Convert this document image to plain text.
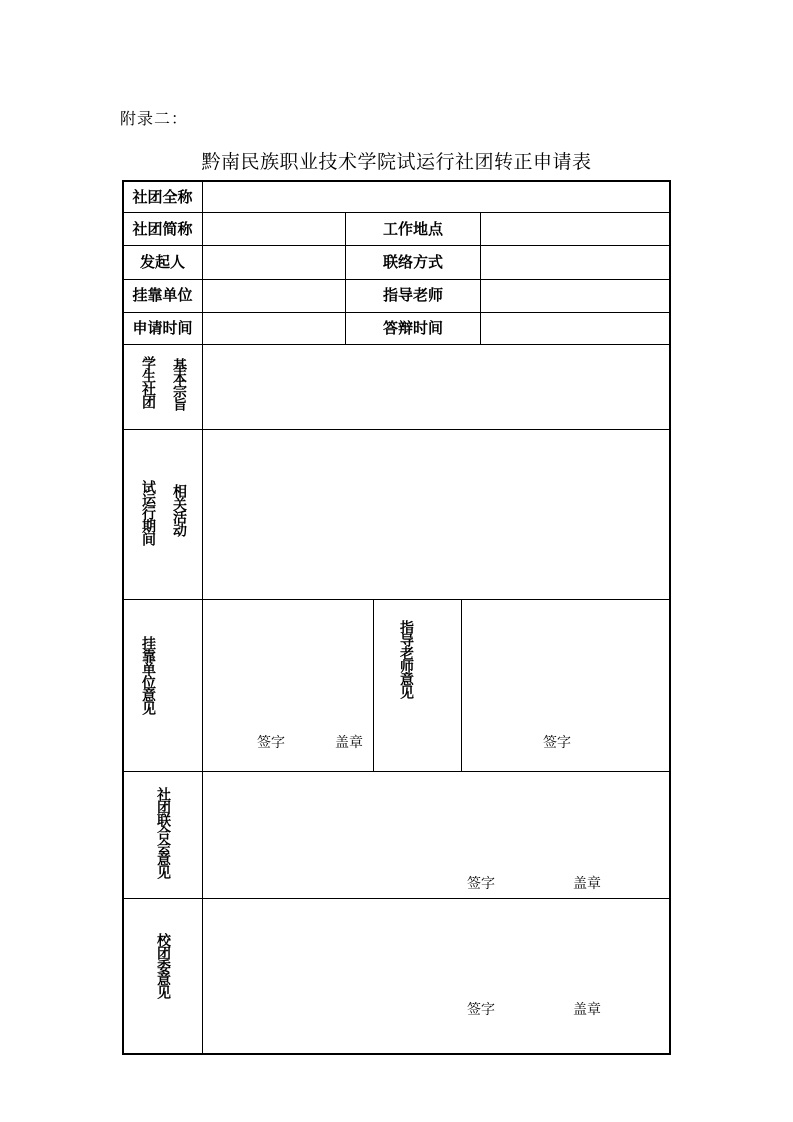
附录二：
黔南民族职业技术学院试运行社团转正申请表
社团全称
社团简称	工作地点
发起人	联络方式
挂靠单位	指导老师
申请时间	答辩时间
学生社团 基本宗旨
试运行期间 相关活动
挂靠单位意见
签字	盖章
指导老师意见
签字
社团联合会意见
签字	盖章
校团委意见
签字	盖章
